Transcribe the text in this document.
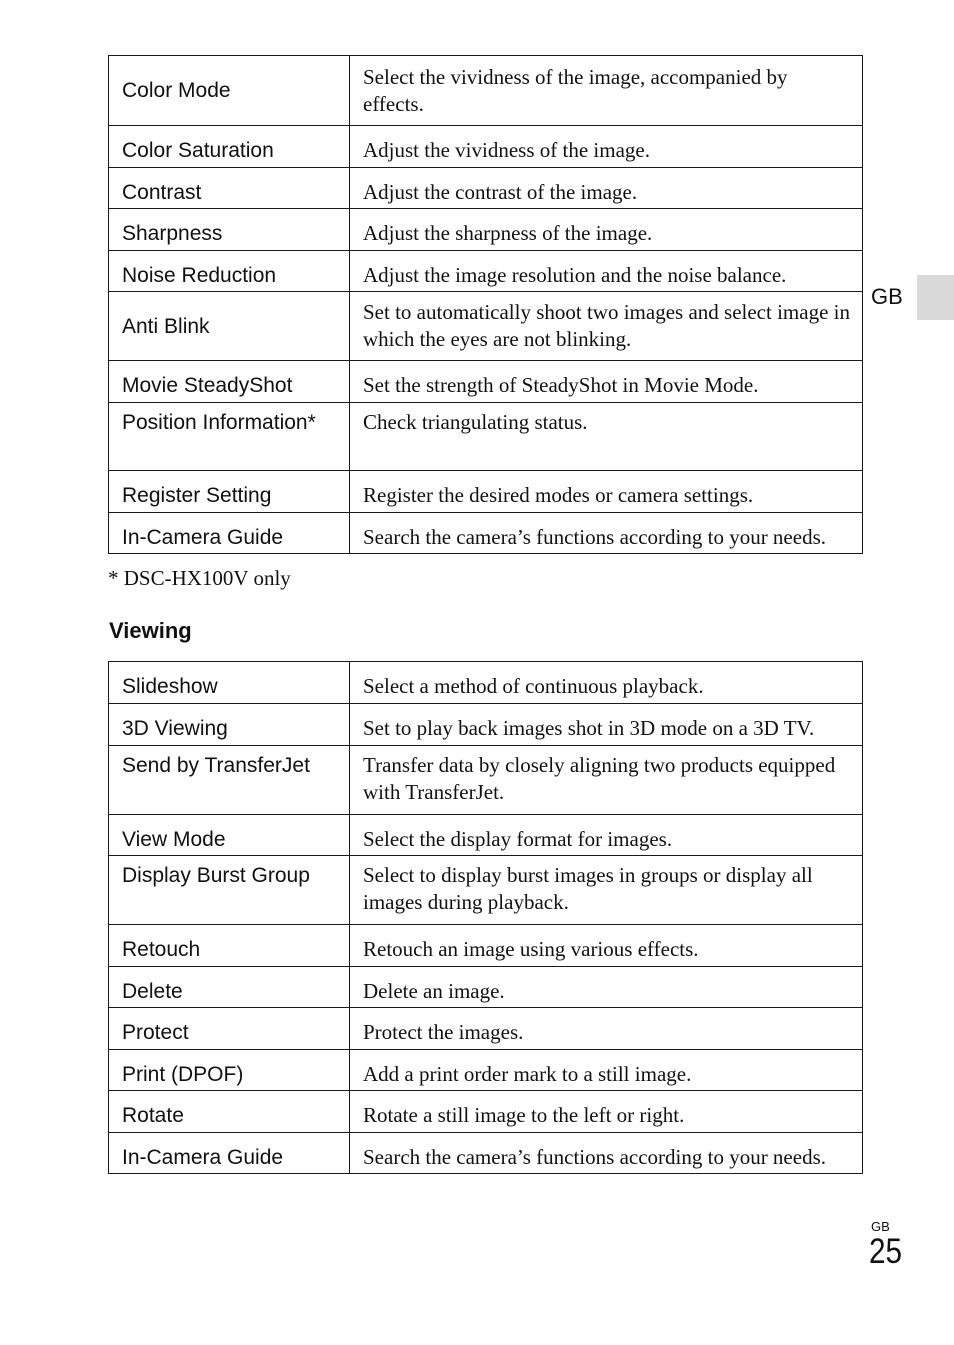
GB
Color Mode	Select the vividness of the image, accompanied by effects.

Color Saturation	Adjust the vividness of the image.
Contrast	Adjust the contrast of the image.
Sharpness	Adjust the sharpness of the image.
Noise Reduction	Adjust the image resolution and the noise balance.
Anti Blink	Set to automatically shoot two images and select image in which the eyes are not blinking.
Movie SteadyShot	Set the strength of SteadyShot in Movie Mode.
Position Information*	Check triangulating status.
Register Setting	Register the desired modes or camera settings.
In-Camera Guide	Search the camera’s functions according to your needs.
* DSC-HX100V only
Viewing
Slideshow	Select a method of continuous playback.
3D Viewing	Set to play back images shot in 3D mode on a 3D TV.
Send by TransferJet	Transfer data by closely aligning two products equipped with TransferJet.
View Mode	Select the display format for images.
Display Burst Group	Select to display burst images in groups or display all images during playback.
Retouch	Retouch an image using various effects.
Delete	Delete an image.
Protect	Protect the images.
Print (DPOF)	Add a print order mark to a still image.
Rotate	Rotate a still image to the left or right.
In-Camera Guide	Search the camera’s functions according to your needs.
GB
25
